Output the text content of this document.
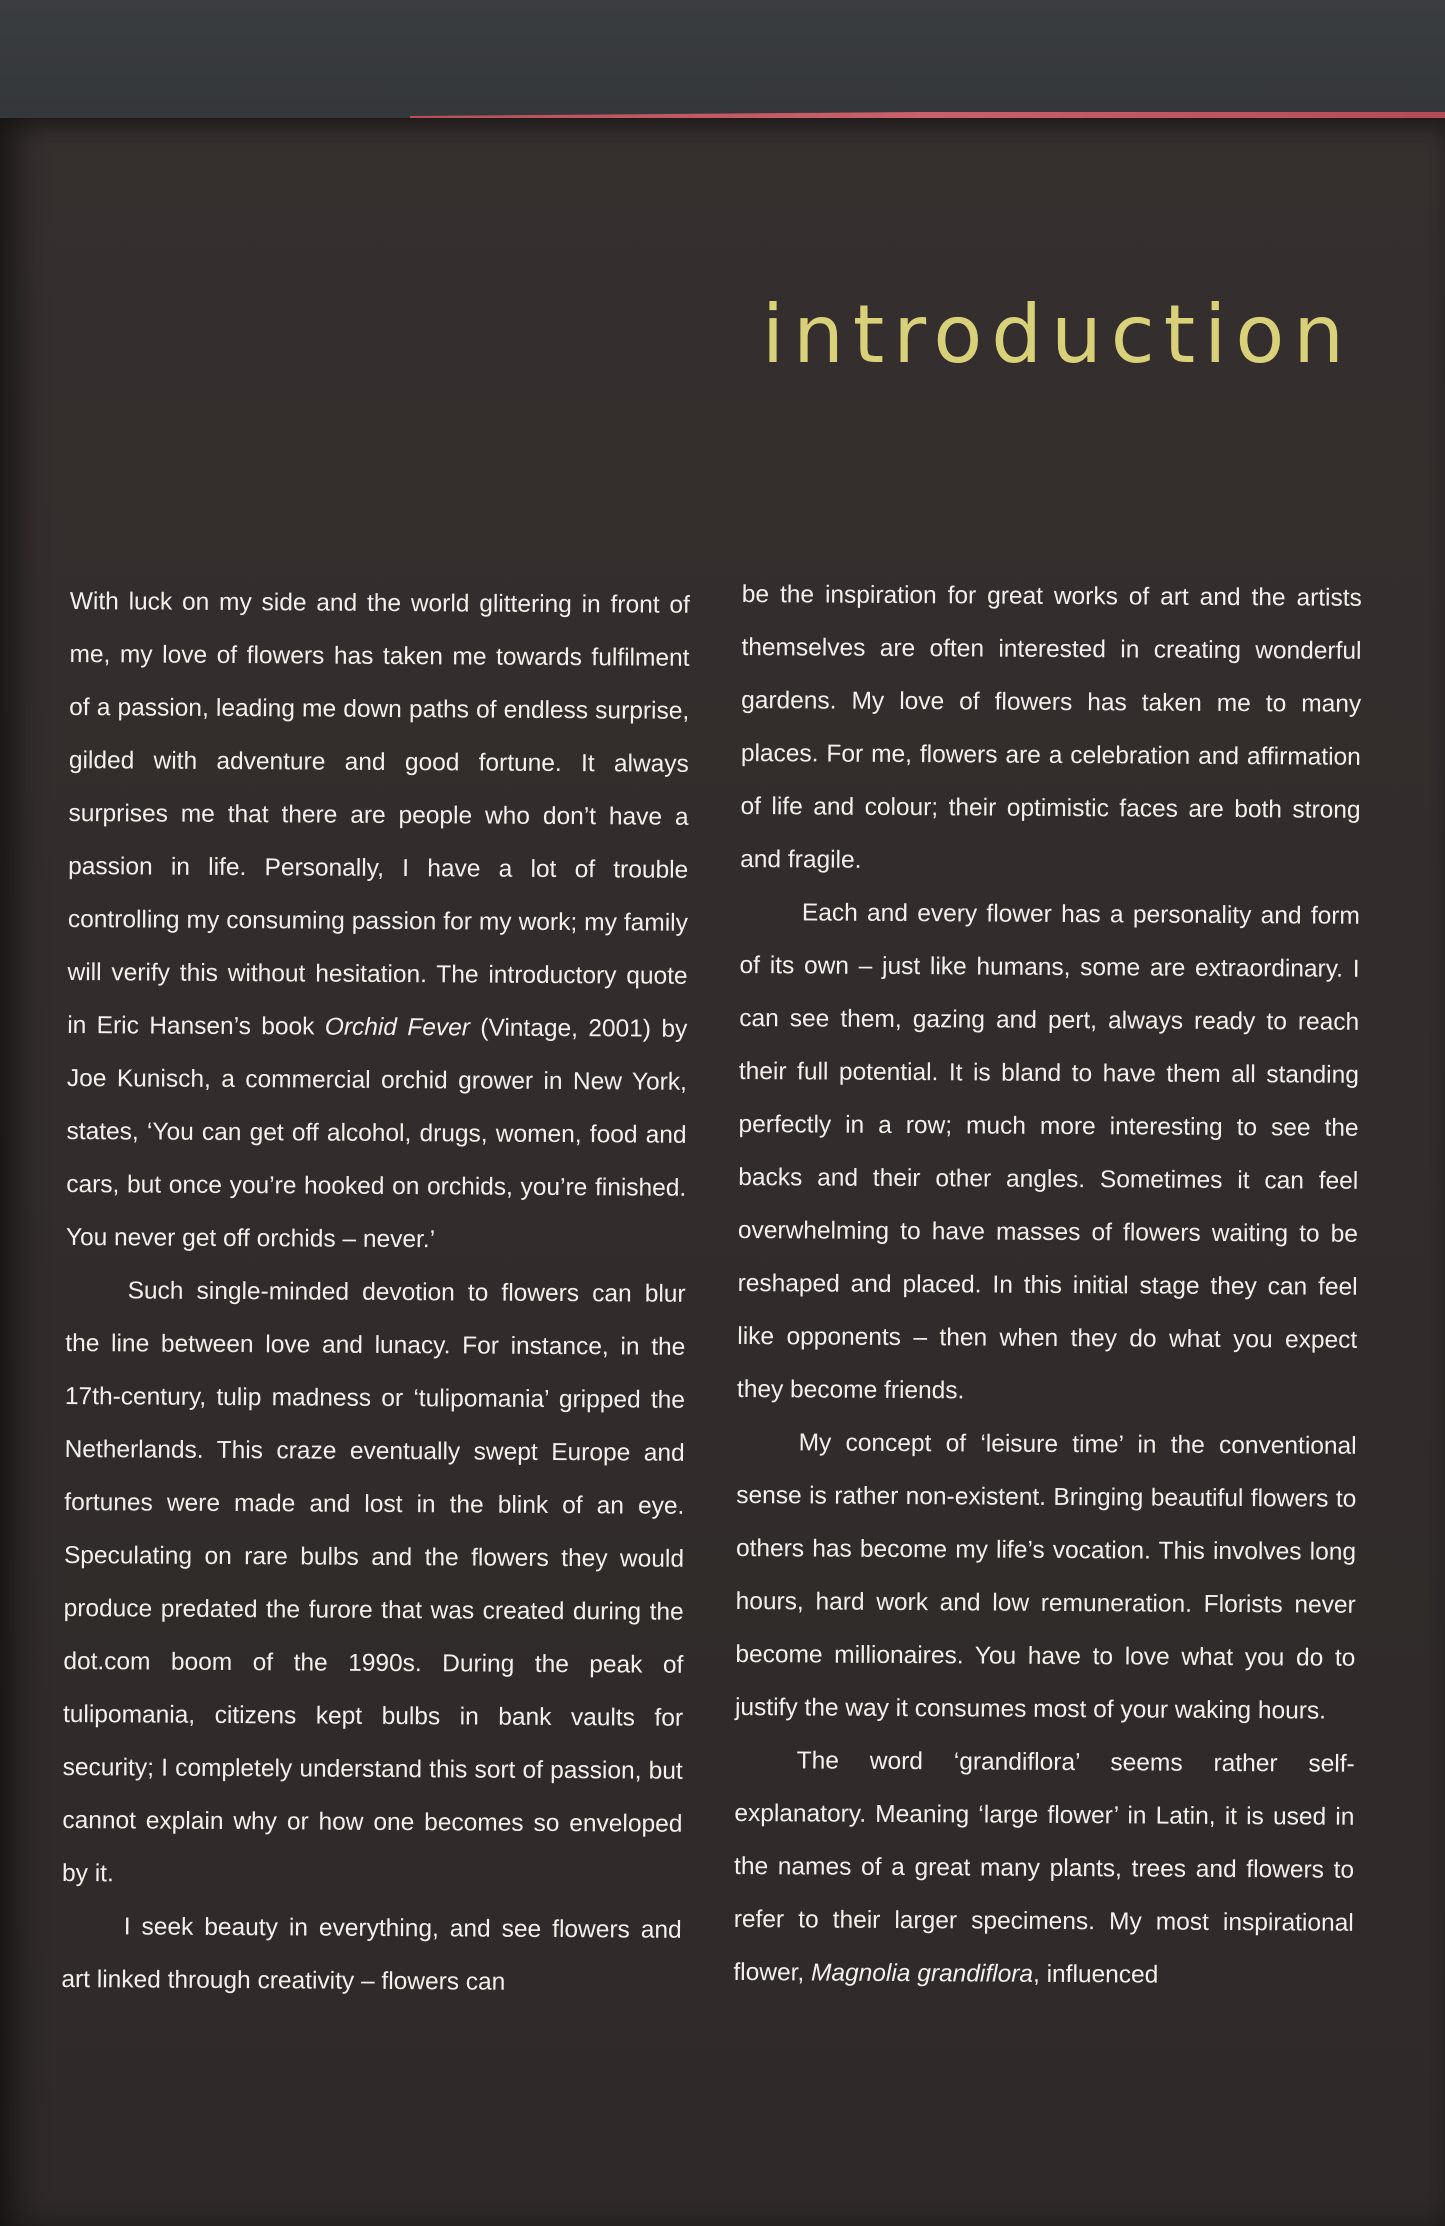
introduction

With luck on my side and the world glittering in front of me, my love of flowers has taken me towards fulfilment of a passion, leading me down paths of endless surprise, gilded with adventure and good fortune. It always surprises me that there are people who don’t have a passion in life. Personally, I have a lot of trouble controlling my consuming passion for my work; my family will verify this without hesitation. The introductory quote in Eric Hansen’s book Orchid Fever (Vintage, 2001) by Joe Kunisch, a commercial orchid grower in New York, states, ‘You can get off alcohol, drugs, women, food and cars, but once you’re hooked on orchids, you’re finished. You never get off orchids – never.’

Such single-minded devotion to flowers can blur the line between love and lunacy. For instance, in the 17th-century, tulip madness or ‘tulipomania’ gripped the Netherlands. This craze eventually swept Europe and fortunes were made and lost in the blink of an eye. Speculating on rare bulbs and the flowers they would produce predated the furore that was created during the dot.com boom of the 1990s. During the peak of tulipomania, citizens kept bulbs in bank vaults for security; I completely understand this sort of passion, but cannot explain why or how one becomes so enveloped by it.

I seek beauty in everything, and see flowers and art linked through creativity – flowers can

be the inspiration for great works of art and the artists themselves are often interested in creating wonderful gardens. My love of flowers has taken me to many places. For me, flowers are a celebration and affirmation of life and colour; their optimistic faces are both strong and fragile.

Each and every flower has a personality and form of its own – just like humans, some are extraordinary. I can see them, gazing and pert, always ready to reach their full potential. It is bland to have them all standing perfectly in a row; much more interesting to see the backs and their other angles. Sometimes it can feel overwhelming to have masses of flowers waiting to be reshaped and placed. In this initial stage they can feel like opponents – then when they do what you expect they become friends.

My concept of ‘leisure time’ in the conventional sense is rather non-existent. Bringing beautiful flowers to others has become my life’s vocation. This involves long hours, hard work and low remuneration. Florists never become millionaires. You have to love what you do to justify the way it consumes most of your waking hours.

The word ‘grandiflora’ seems rather self-explanatory. Meaning ‘large flower’ in Latin, it is used in the names of a great many plants, trees and flowers to refer to their larger specimens. My most inspirational flower, Magnolia grandiflora, influenced
